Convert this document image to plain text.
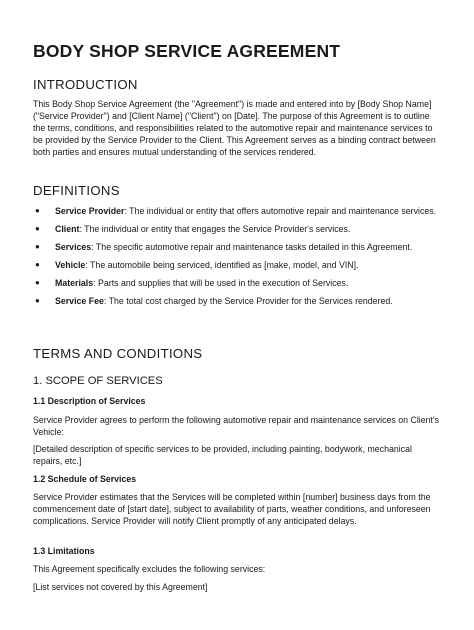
BODY SHOP SERVICE AGREEMENT
INTRODUCTION
This Body Shop Service Agreement (the "Agreement") is made and entered into by [Body Shop Name] ("Service Provider") and [Client Name] ("Client") on [Date]. The purpose of this Agreement is to outline the terms, conditions, and responsibilities related to the automotive repair and maintenance services to be provided by the Service Provider to the Client. This Agreement serves as a binding contract between both parties and ensures mutual understanding of the services rendered.
DEFINITIONS
● Service Provider: The individual or entity that offers automotive repair and maintenance services.
● Client: The individual or entity that engages the Service Provider's services.
● Services: The specific automotive repair and maintenance tasks detailed in this Agreement.
● Vehicle: The automobile being serviced, identified as [make, model, and VIN].
● Materials: Parts and supplies that will be used in the execution of Services.
● Service Fee: The total cost charged by the Service Provider for the Services rendered.
TERMS AND CONDITIONS
1. SCOPE OF SERVICES
1.1 Description of Services
Service Provider agrees to perform the following automotive repair and maintenance services on Client's Vehicle:
[Detailed description of specific services to be provided, including painting, bodywork, mechanical repairs, etc.]
1.2 Schedule of Services
Service Provider estimates that the Services will be completed within [number] business days from the commencement date of [start date], subject to availability of parts, weather conditions, and unforeseen complications. Service Provider will notify Client promptly of any anticipated delays.
1.3 Limitations
This Agreement specifically excludes the following services:
[List services not covered by this Agreement]
